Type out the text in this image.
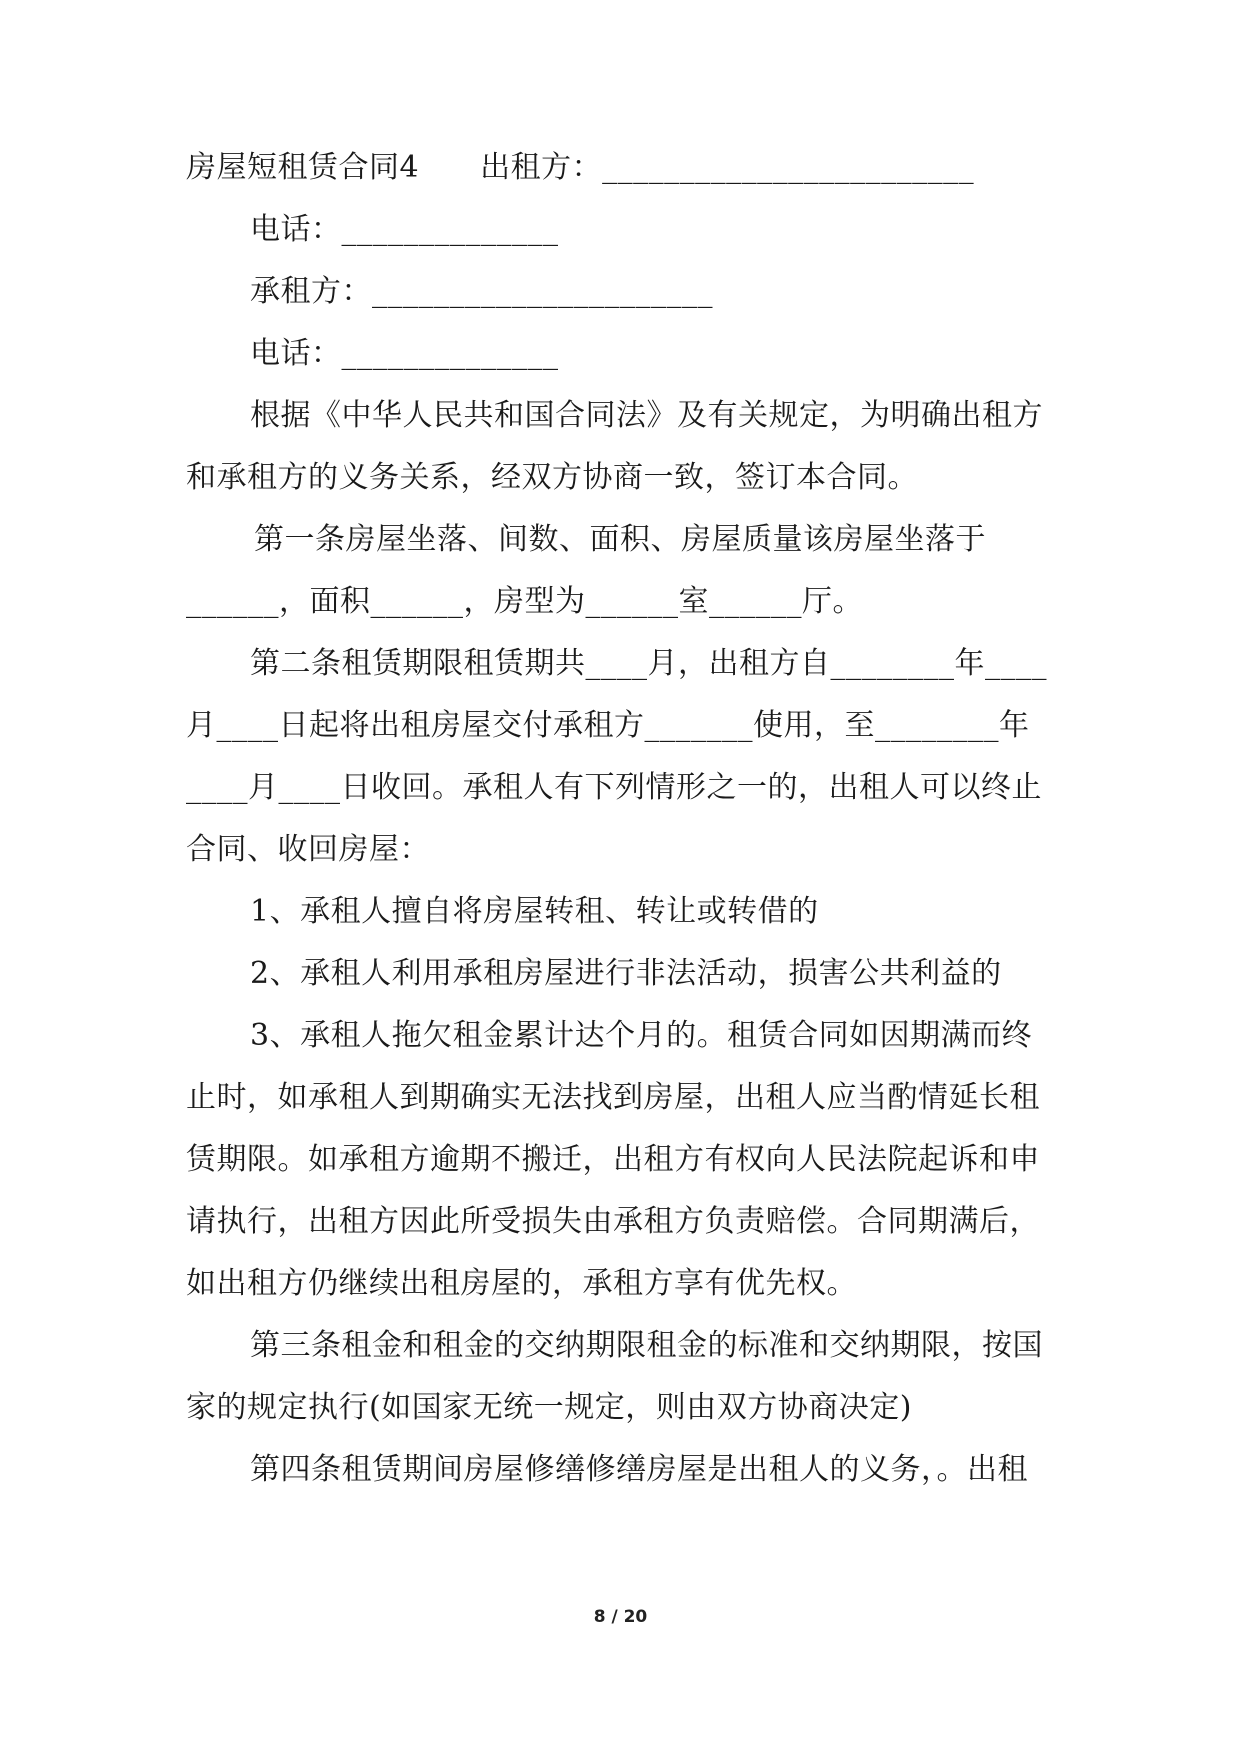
房屋短租赁合同4　　出租方：________________________
电话：______________
承租方：______________________
电话：______________
根据《中华人民共和国合同法》及有关规定，为明确出租方
和承租方的义务关系，经双方协商一致，签订本合同。
第一条房屋坐落、间数、面积、房屋质量该房屋坐落于
______，面积______，房型为______室______厅。
第二条租赁期限租赁期共____月，出租方自________年____
月____日起将出租房屋交付承租方_______使用，至________年
____月____日收回。承租人有下列情形之一的，出租人可以终止
合同、收回房屋：
1、承租人擅自将房屋转租、转让或转借的
2、承租人利用承租房屋进行非法活动，损害公共利益的
3、承租人拖欠租金累计达个月的。租赁合同如因期满而终
止时，如承租人到期确实无法找到房屋，出租人应当酌情延长租
赁期限。如承租方逾期不搬迁，出租方有权向人民法院起诉和申
请执行，出租方因此所受损失由承租方负责赔偿。合同期满后，
如出租方仍继续出租房屋的，承租方享有优先权。
第三条租金和租金的交纳期限租金的标准和交纳期限，按国
家的规定执行(如国家无统一规定，则由双方协商决定)
第四条租赁期间房屋修缮修缮房屋是出租人的义务，。出租
8 / 20
